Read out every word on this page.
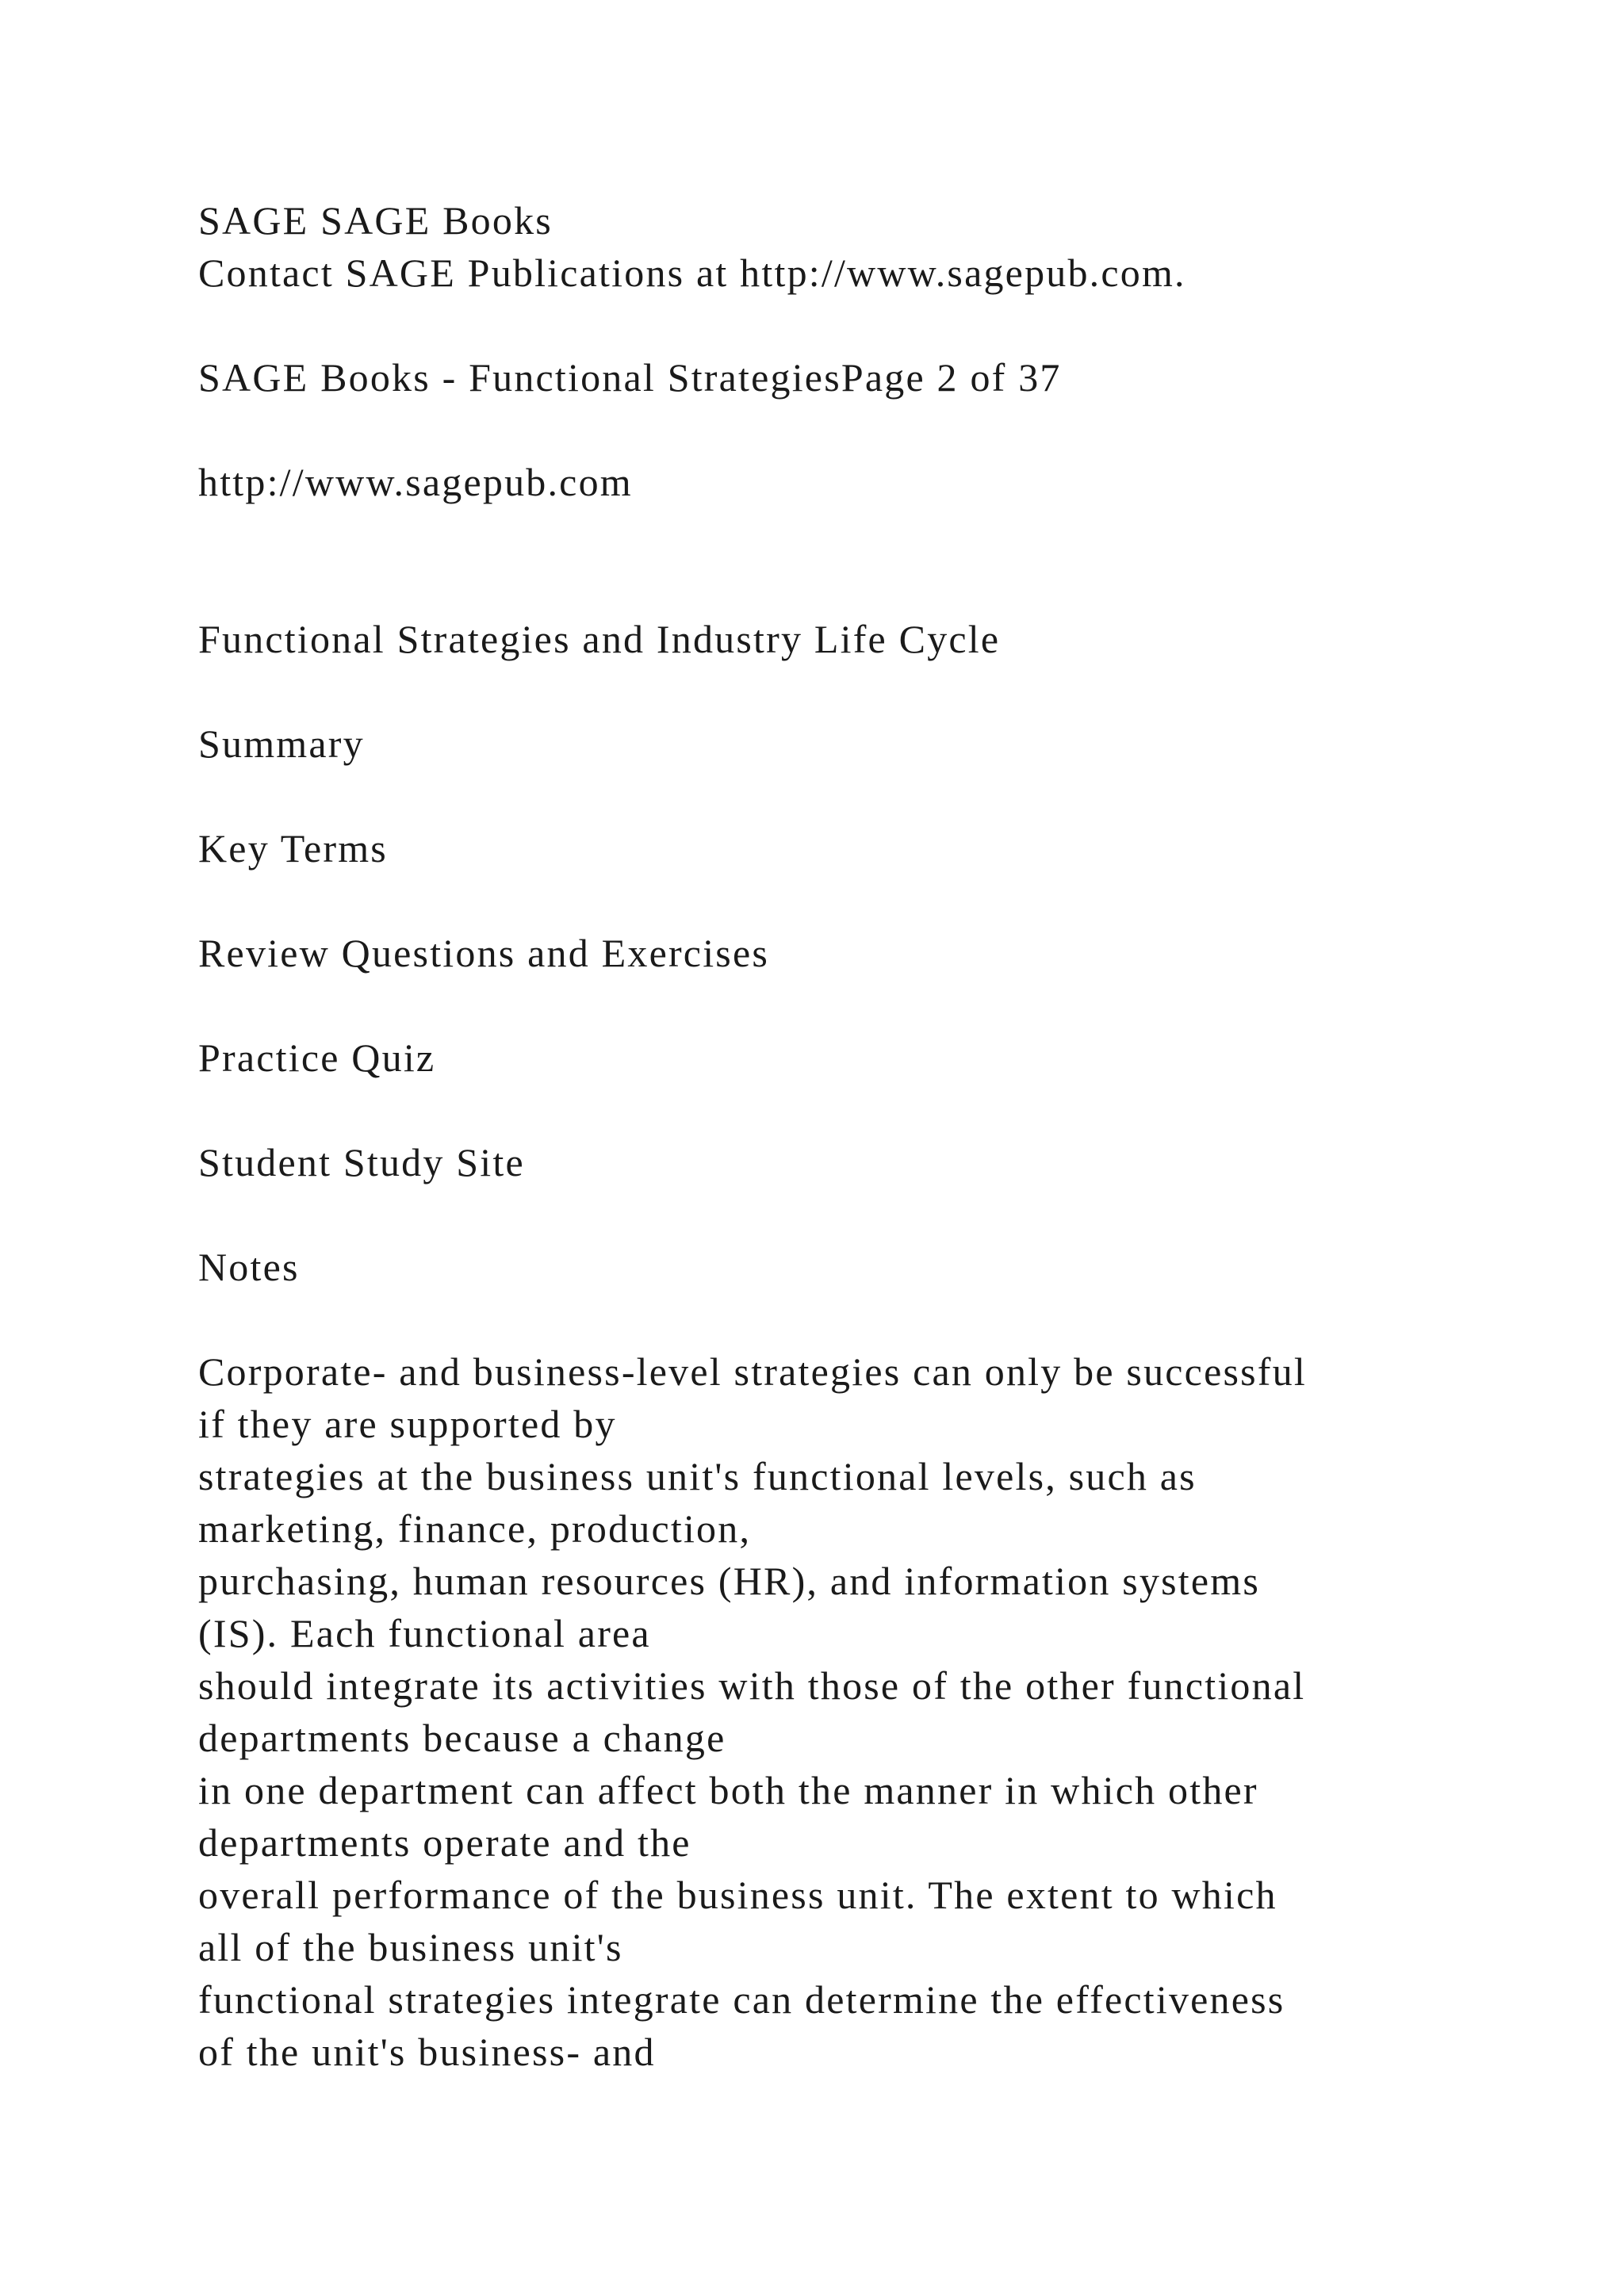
SAGE SAGE Books
Contact SAGE Publications at http://www.sagepub.com.
SAGE Books - Functional StrategiesPage 2 of 37
http://www.sagepub.com
Functional Strategies and Industry Life Cycle
Summary
Key Terms
Review Questions and Exercises
Practice Quiz
Student Study Site
Notes
Corporate- and business-level strategies can only be successful
if they are supported by
strategies at the business unit's functional levels, such as
marketing, finance, production,
purchasing, human resources (HR), and information systems
(IS). Each functional area
should integrate its activities with those of the other functional
departments because a change
in one department can affect both the manner in which other
departments operate and the
overall performance of the business unit. The extent to which
all of the business unit's
functional strategies integrate can determine the effectiveness
of the unit's business- and
